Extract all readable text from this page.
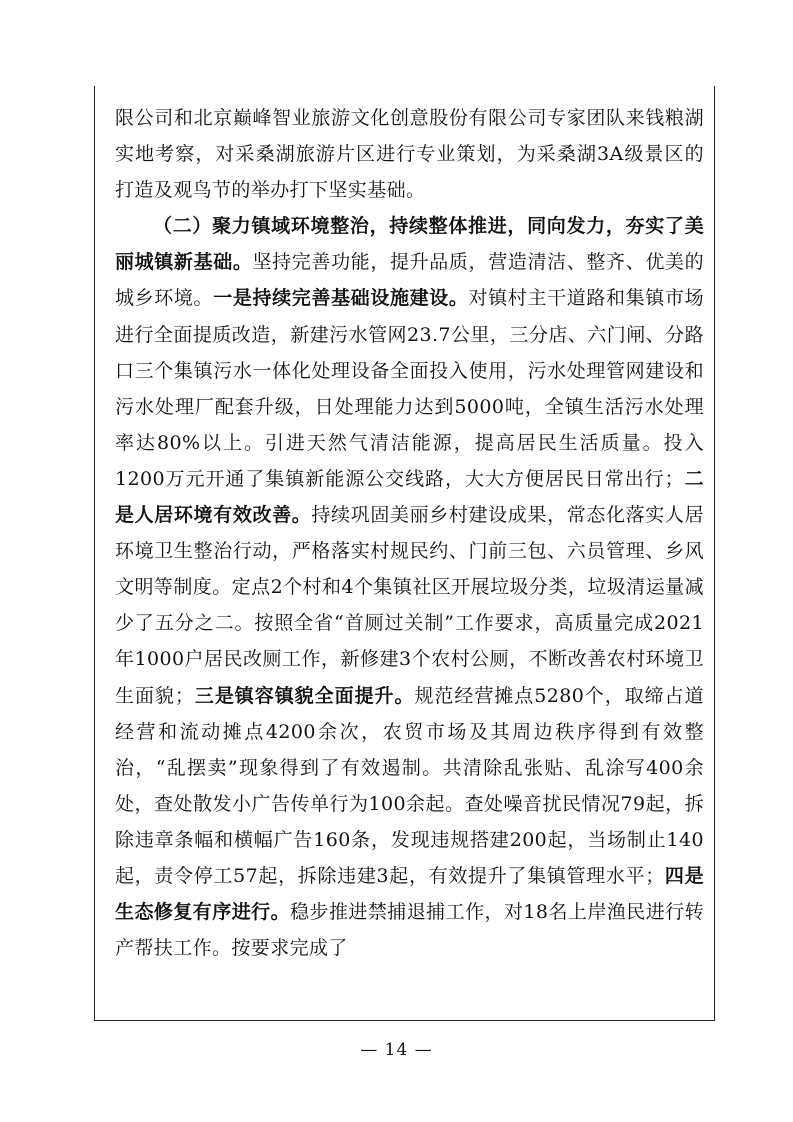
限公司和北京巅峰智业旅游文化创意股份有限公司专家团队来钱粮湖实地考察，对采桑湖旅游片区进行专业策划，为采桑湖3A级景区的打造及观鸟节的举办打下坚实基础。

（二）聚力镇域环境整治，持续整体推进，同向发力，夯实了美丽城镇新基础。坚持完善功能，提升品质，营造清洁、整齐、优美的城乡环境。一是持续完善基础设施建设。对镇村主干道路和集镇市场进行全面提质改造，新建污水管网23.7公里，三分店、六门闸、分路口三个集镇污水一体化处理设备全面投入使用，污水处理管网建设和污水处理厂配套升级，日处理能力达到5000吨，全镇生活污水处理率达80%以上。引进天然气清洁能源，提高居民生活质量。投入1200万元开通了集镇新能源公交线路，大大方便居民日常出行；二是人居环境有效改善。持续巩固美丽乡村建设成果，常态化落实人居环境卫生整治行动，严格落实村规民约、门前三包、六员管理、乡风文明等制度。定点2个村和4个集镇社区开展垃圾分类，垃圾清运量减少了五分之二。按照全省“首厕过关制”工作要求，高质量完成2021年1000户居民改厕工作，新修建3个农村公厕，不断改善农村环境卫生面貌；三是镇容镇貌全面提升。规范经营摊点5280个，取缔占道经营和流动摊点4200余次，农贸市场及其周边秩序得到有效整治，“乱摆卖”现象得到了有效遏制。共清除乱张贴、乱涂写400余处，查处散发小广告传单行为100余起。查处噪音扰民情况79起，拆除违章条幅和横幅广告160条，发现违规搭建200起，当场制止140起，责令停工57起，拆除违建3起，有效提升了集镇管理水平；四是生态修复有序进行。稳步推进禁捕退捕工作，对18名上岸渔民进行转产帮扶工作。按要求完成了

— 14 —
